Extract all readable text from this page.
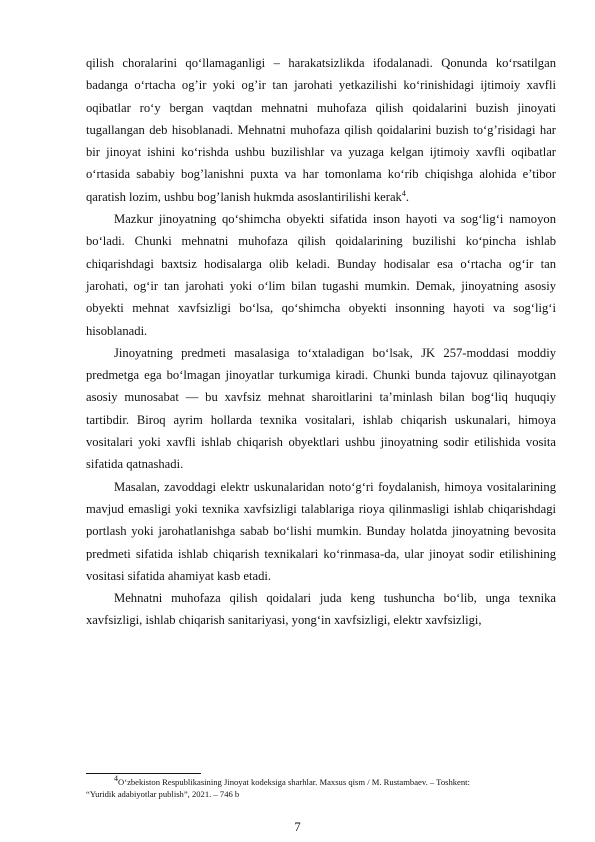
qilish choralarini qo‘llamaganligi – harakatsizlikda ifodalanadi. Qonunda ko‘rsatilgan badanga o‘rtacha og’ir yoki og’ir tan jarohati yetkazilishi ko‘rinishidagi ijtimoiy xavfli oqibatlar ro‘y bergan vaqtdan mehnatni muhofaza qilish qoidalarini buzish jinoyati tugallangan deb hisoblanadi. Mehnatni muhofaza qilish qoidalarini buzish to‘g’risidagi har bir jinoyat ishini ko‘rishda ushbu buzilishlar va yuzaga kelgan ijtimoiy xavfli oqibatlar o‘rtasida sababiy bog’lanishni puxta va har tomonlama ko‘rib chiqishga alohida e’tibor qaratish lozim, ushbu bog’lanish hukmda asoslantirilishi kerak$^4$.

Mazkur jinoyatning qo‘shimcha obyekti sifatida inson hayoti va sog‘lig‘i namoyon bo‘ladi. Chunki mehnatni muhofaza qilish qoidalarining buzilishi ko‘pincha ishlab chiqarishdagi baxtsiz hodisalarga olib keladi. Bunday hodisalar esa o‘rtacha og‘ir tan jarohati, og‘ir tan jarohati yoki o‘lim bilan tugashi mumkin. Demak, jinoyatning asosiy obyekti mehnat xavfsizligi bo‘lsa, qo‘shimcha obyekti insonning hayoti va sog‘lig‘i hisoblanadi.

Jinoyatning predmeti masalasiga to‘xtaladigan bo‘lsak, JK 257-moddasi moddiy predmetga ega bo‘lmagan jinoyatlar turkumiga kiradi. Chunki bunda tajovuz qilinayotgan asosiy munosabat — bu xavfsiz mehnat sharoitlarini ta’minlash bilan bog‘liq huquqiy tartibdir. Biroq ayrim hollarda texnika vositalari, ishlab chiqarish uskunalari, himoya vositalari yoki xavfli ishlab chiqarish obyektlari ushbu jinoyatning sodir etilishida vosita sifatida qatnashadi.

Masalan, zavoddagi elektr uskunalaridan noto‘g‘ri foydalanish, himoya vositalarining mavjud emasligi yoki texnika xavfsizligi talablariga rioya qilinmasligi ishlab chiqarishdagi portlash yoki jarohatlanishga sabab bo‘lishi mumkin. Bunday holatda jinoyatning bevosita predmeti sifatida ishlab chiqarish texnikalari ko‘rinmasa-da, ular jinoyat sodir etilishining vositasi sifatida ahamiyat kasb etadi.

Mehnatni muhofaza qilish qoidalari juda keng tushuncha bo‘lib, unga texnika xavfsizligi, ishlab chiqarish sanitariyasi, yong‘in xavfsizligi, elektr xavfsizligi,

$^4$O‘zbekiston Respublikasining Jinoyat kodeksiga sharhlar. Maxsus qism / M. Rustambaev. – Toshkent:
“Yuridik adabiyotlar publish”, 2021. – 746 b
7
